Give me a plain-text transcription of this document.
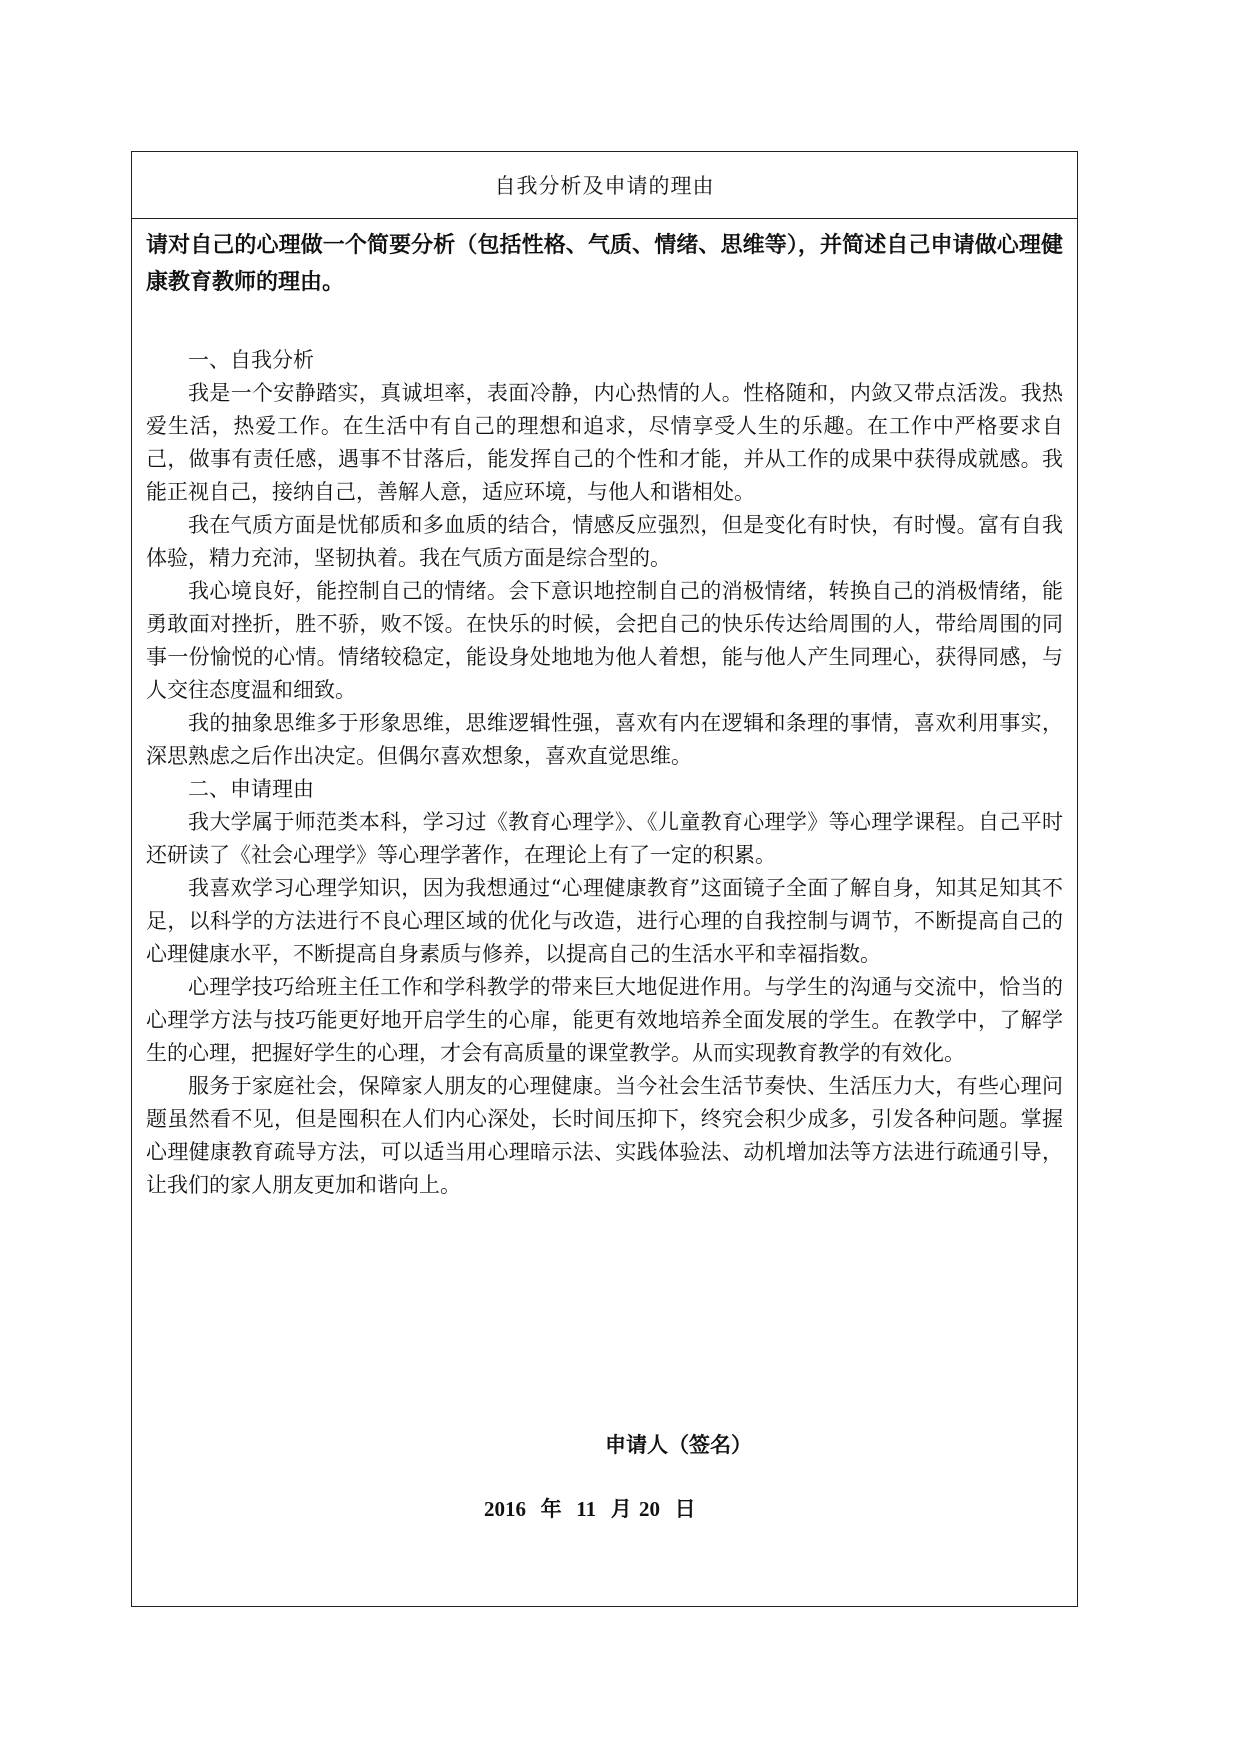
自我分析及申请的理由

请对自己的心理做一个简要分析（包括性格、气质、情绪、思维等），并简述自己申请做心理健康教育教师的理由。

一、自我分析

我是一个安静踏实，真诚坦率，表面冷静，内心热情的人。性格随和，内敛又带点活泼。我热爱生活，热爱工作。在生活中有自己的理想和追求，尽情享受人生的乐趣。在工作中严格要求自己，做事有责任感，遇事不甘落后，能发挥自己的个性和才能，并从工作的成果中获得成就感。我能正视自己，接纳自己，善解人意，适应环境，与他人和谐相处。

我在气质方面是忧郁质和多血质的结合，情感反应强烈，但是变化有时快，有时慢。富有自我体验，精力充沛，坚韧执着。我在气质方面是综合型的。

我心境良好，能控制自己的情绪。会下意识地控制自己的消极情绪，转换自己的消极情绪，能勇敢面对挫折，胜不骄，败不馁。在快乐的时候，会把自己的快乐传达给周围的人，带给周围的同事一份愉悦的心情。情绪较稳定，能设身处地地为他人着想，能与他人产生同理心，获得同感，与人交往态度温和细致。

我的抽象思维多于形象思维，思维逻辑性强，喜欢有内在逻辑和条理的事情，喜欢利用事实，深思熟虑之后作出决定。但偶尔喜欢想象，喜欢直觉思维。

二、申请理由

我大学属于师范类本科，学习过《教育心理学》、《儿童教育心理学》等心理学课程。自己平时还研读了《社会心理学》等心理学著作，在理论上有了一定的积累。

我喜欢学习心理学知识，因为我想通过“心理健康教育”这面镜子全面了解自身，知其足知其不足，以科学的方法进行不良心理区域的优化与改造，进行心理的自我控制与调节，不断提高自己的心理健康水平，不断提高自身素质与修养，以提高自己的生活水平和幸福指数。

心理学技巧给班主任工作和学科教学的带来巨大地促进作用。与学生的沟通与交流中，恰当的心理学方法与技巧能更好地开启学生的心扉，能更有效地培养全面发展的学生。在教学中，了解学生的心理，把握好学生的心理，才会有高质量的课堂教学。从而实现教育教学的有效化。

服务于家庭社会，保障家人朋友的心理健康。当今社会生活节奏快、生活压力大，有些心理问题虽然看不见，但是囤积在人们内心深处，长时间压抑下，终究会积少成多，引发各种问题。掌握心理健康教育疏导方法，可以适当用心理暗示法、实践体验法、动机增加法等方法进行疏通引导，让我们的家人朋友更加和谐向上。

申请人（签名）
2016 年 11 月 20 日
